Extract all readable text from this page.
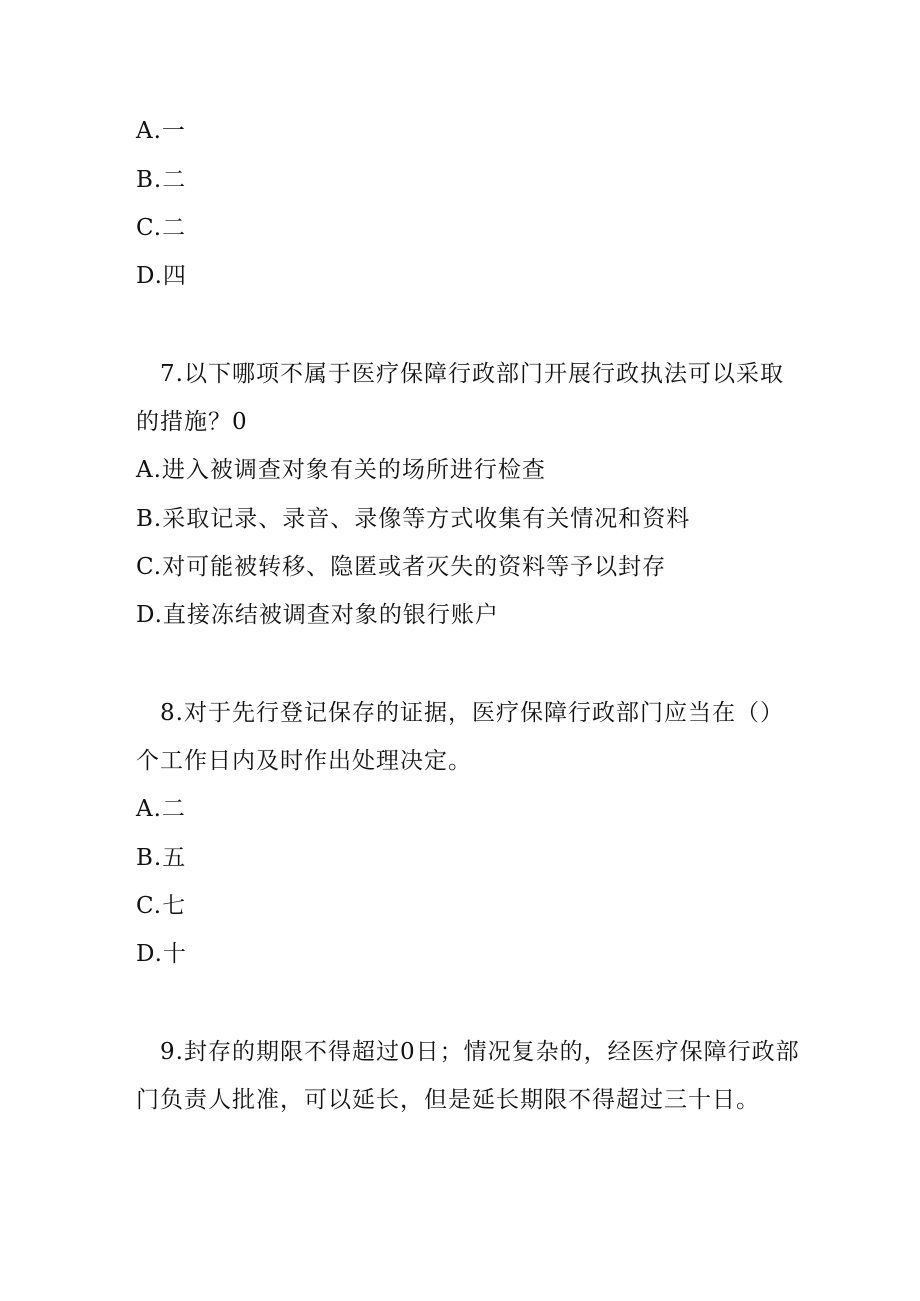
A.一
B.二
C.二
D.四
7.以下哪项不属于医疗保障行政部门开展行政执法可以采取
的措施？0
A.进入被调查对象有关的场所进行检查
B.采取记录、录音、录像等方式收集有关情况和资料
C.对可能被转移、隐匿或者灭失的资料等予以封存
D.直接冻结被调查对象的银行账户
8.对于先行登记保存的证据，医疗保障行政部门应当在（）
个工作日内及时作出处理决定。
A.二
B.五
C.七
D.十
9.封存的期限不得超过0日；情况复杂的，经医疗保障行政部
门负责人批准，可以延长，但是延长期限不得超过三十日。
